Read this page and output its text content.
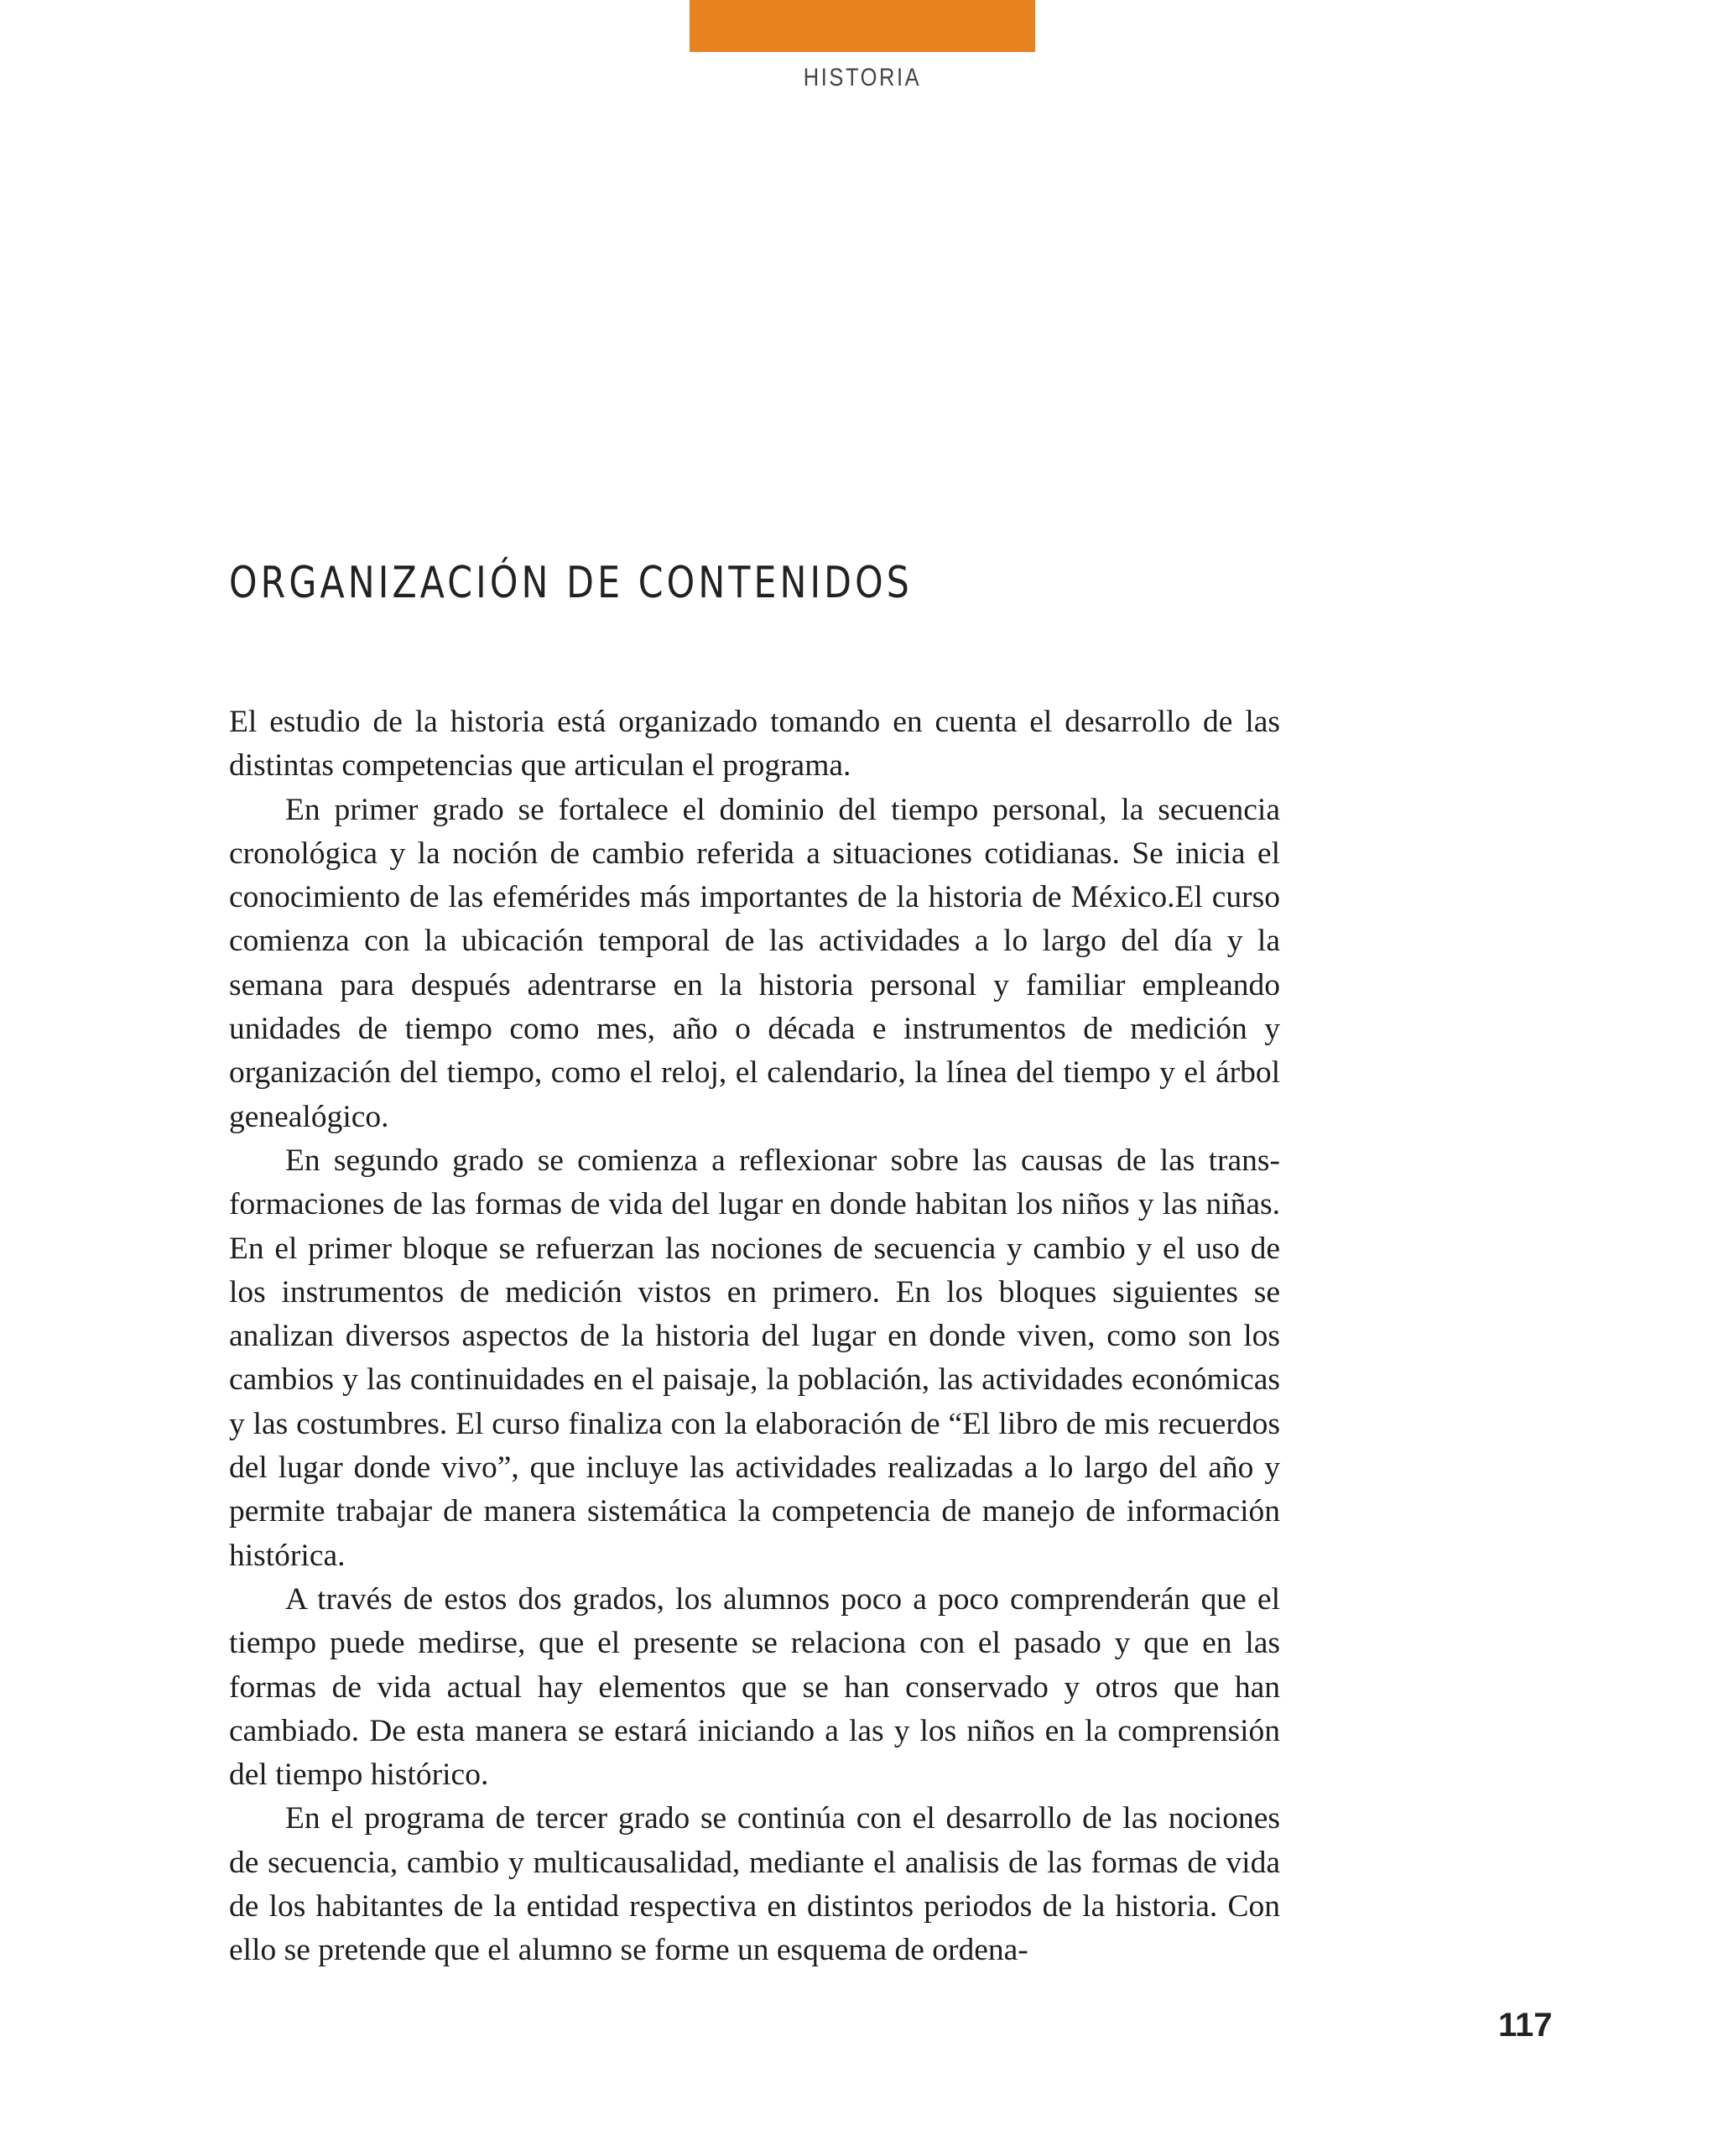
HISTORIA
ORGANIZACIÓN DE CONTENIDOS

El estudio de la historia está organizado tomando en cuenta el desarrollo de las distintas competencias que articulan el programa.

En primer grado se fortalece el dominio del tiempo personal, la secuencia cronológica y la noción de cambio referida a situaciones cotidianas. Se inicia el conocimiento de las efemérides más importantes de la historia de México.El curso comienza con la ubicación temporal de las actividades a lo largo del día y la semana para después adentrarse en la historia personal y familiar empleando unidades de tiempo como mes, año o década e instrumentos de medición y organización del tiempo, como el reloj, el calendario, la línea del tiempo y el árbol genealógico.

En segundo grado se comienza a reflexionar sobre las causas de las transformaciones de las formas de vida del lugar en donde habitan los niños y las niñas. En el primer bloque se refuerzan las nociones de secuencia y cambio y el uso de los instrumentos de medición vistos en primero. En los bloques siguientes se analizan diversos aspectos de la historia del lugar en donde viven, como son los cambios y las continuidades en el paisaje, la población, las actividades económicas y las costumbres. El curso finaliza con la elaboración de “El libro de mis recuerdos del lugar donde vivo”, que incluye las actividades realizadas a lo largo del año y permite trabajar de manera sistemática la competencia de manejo de información histórica.

A través de estos dos grados, los alumnos poco a poco comprenderán que el tiempo puede medirse, que el presente se relaciona con el pasado y que en las formas de vida actual hay elementos que se han conservado y otros que han cambiado. De esta manera se estará iniciando a las y los niños en la comprensión del tiempo histórico.

En el programa de tercer grado se continúa con el desarrollo de las nociones de secuencia, cambio y multicausalidad, mediante el analisis de las formas de vida de los habitantes de la entidad respectiva en distintos periodos de la historia. Con ello se pretende que el alumno se forme un esquema de ordena-

117
